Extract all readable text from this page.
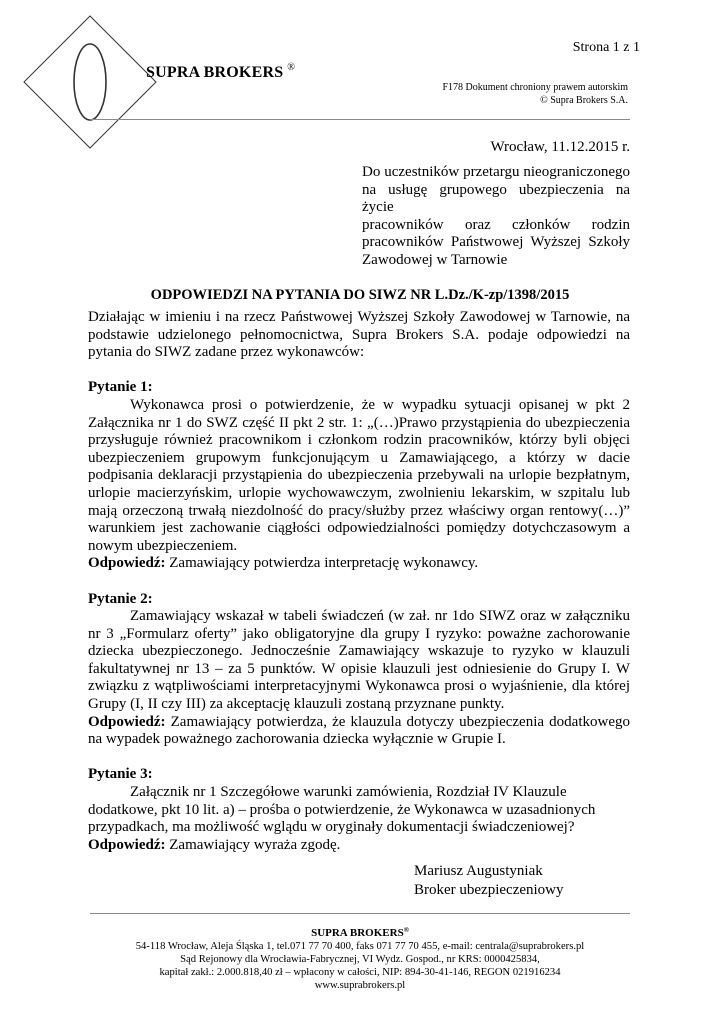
SUPRA BROKERS ®
Strona 1 z 1
F178 Dokument chroniony prawem autorskim
© Supra Brokers S.A.
Wrocław, 11.12.2015 r.
Do uczestników przetargu nieograniczonego
na usługę grupowego ubezpieczenia na życie
pracowników oraz członków rodzin
pracowników Państwowej Wyższej Szkoły
Zawodowej w Tarnowie
ODPOWIEDZI NA PYTANIA DO SIWZ NR L.Dz./K-zp/1398/2015

Działając w imieniu i na rzecz Państwowej Wyższej Szkoły Zawodowej w Tarnowie, na podstawie udzielonego pełnomocnictwa, Supra Brokers S.A. podaje odpowiedzi na pytania do SIWZ zadane przez wykonawców:

Pytanie 1:

Wykonawca prosi o potwierdzenie, że w wypadku sytuacji opisanej w pkt 2 Załącznika nr 1 do SWZ część II pkt 2 str. 1: „(…)Prawo przystąpienia do ubezpieczenia przysługuje również pracownikom i członkom rodzin pracowników, którzy byli objęci ubezpieczeniem grupowym funkcjonującym u Zamawiającego, a którzy w dacie podpisania deklaracji przystąpienia do ubezpieczenia przebywali na urlopie bezpłatnym, urlopie macierzyńskim, urlopie wychowawczym, zwolnieniu lekarskim, w szpitalu lub mają orzeczoną trwałą niezdolność do pracy/służby przez właściwy organ rentowy(…)” warunkiem jest zachowanie ciągłości odpowiedzialności pomiędzy dotychczasowym a nowym ubezpieczeniem.

Odpowiedź: Zamawiający potwierdza interpretację wykonawcy.

Pytanie 2:

Zamawiający wskazał w tabeli świadczeń (w zał. nr 1do SIWZ oraz w załączniku nr 3 „Formularz oferty” jako obligatoryjne dla grupy I ryzyko: poważne zachorowanie dziecka ubezpieczonego. Jednocześnie Zamawiający wskazuje to ryzyko w klauzuli fakultatywnej nr 13 – za 5 punktów. W opisie klauzuli jest odniesienie do Grupy I. W związku z wątpliwościami interpretacyjnymi Wykonawca prosi o wyjaśnienie, dla której Grupy (I, II czy III) za akceptację klauzuli zostaną przyznane punkty.

Odpowiedź: Zamawiający potwierdza, że klauzula dotyczy ubezpieczenia dodatkowego na wypadek poważnego zachorowania dziecka wyłącznie w Grupie I.

Pytanie 3:

Załącznik nr 1 Szczegółowe warunki zamówienia, Rozdział IV Klauzule dodatkowe, pkt 10 lit. a) – prośba o potwierdzenie, że Wykonawca w uzasadnionych przypadkach, ma możliwość wglądu w oryginały dokumentacji świadczeniowej?

Odpowiedź: Zamawiający wyraża zgodę.

Mariusz Augustyniak
Broker ubezpieczeniowy
SUPRA BROKERS®
54-118 Wrocław, Aleja Śląska 1, tel.071 77 70 400, faks 071 77 70 455, e-mail: centrala@suprabrokers.pl
Sąd Rejonowy dla Wrocławia-Fabrycznej, VI Wydz. Gospod., nr KRS: 0000425834,
kapitał zakł.: 2.000.818,40 zł – wpłacony w całości, NIP: 894-30-41-146, REGON 021916234
www.suprabrokers.pl
